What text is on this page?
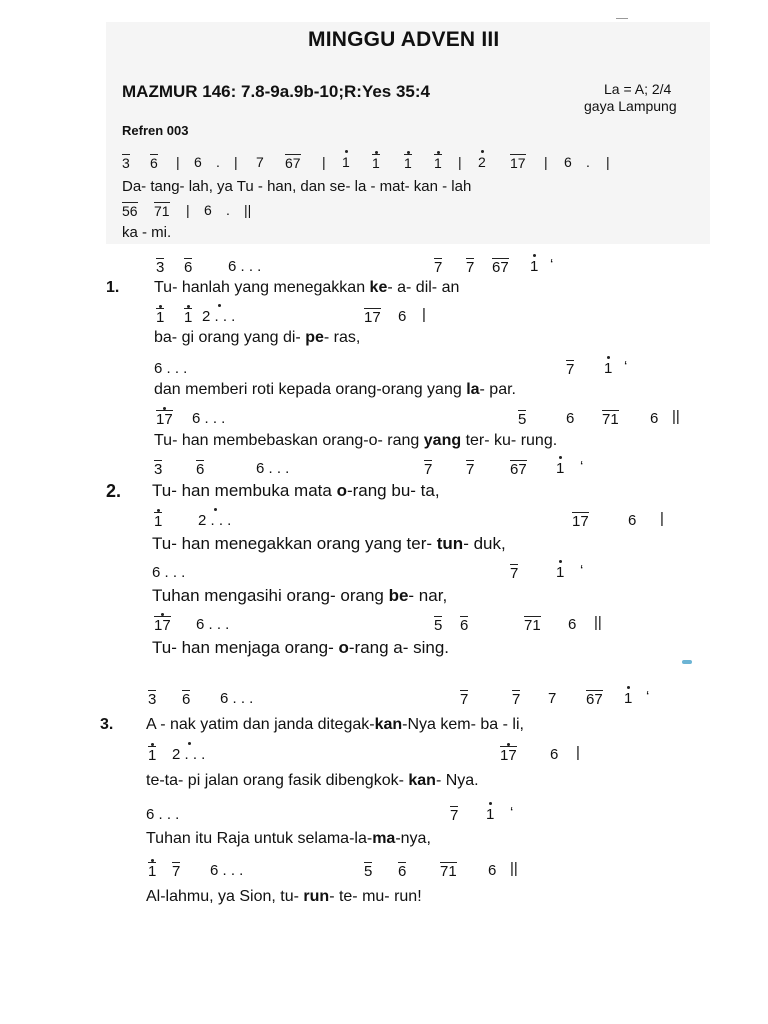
MINGGU ADVEN III
MAZMUR 146: 7.8-9a.9b-10;R:Yes 35:4	La = A; 2/4
gaya Lampung
Refren 003
3 6 | 6 . | 7 67 | 1 1 1 1 | 2 17 | 6 . |
Da- tang- lah, ya Tu - han, dan se- la - mat- kan - lah
56 71 | 6 . ||
ka - mi.
1.
3 6 6 . . .	7 7 67 1 ‘
Tu- hanlah yang menegakkan ke- a- dil- an
1 1 2 . . .	17 6 |
ba- gi orang yang di- pe- ras,
6 . . .	7 1 ‘
dan memberi roti kepada orang-orang yang la- par.
17 6 . . .	5	6 71 6 ||
Tu- han membebaskan orang-o- rang yang ter- ku- rung.
2.
3 6	6 . . .	7 7 67 1 ‘
Tu- han membuka mata o-rang bu- ta,
1 2 . . .	17	6 |
Tu- han menegakkan orang yang ter- tun- duk,
6 . . .	7	1 ‘
Tuhan mengasihi orang- orang be- nar,
17 6 . . .	5 6	71 6 ||
Tu- han menjaga orang- o-rang a- sing.
3.
3 6 6 . . .	7	7 7 67 1 ‘
A - nak yatim dan janda ditegak-kan-Nya kem- ba - li,
1 2 . . .	17 6 |
te-ta- pi jalan orang fasik dibengkok- kan- Nya.
6 . . .	7 1 ‘
Tuhan itu Raja untuk selama-la-ma-nya,
1 7 6 . . .	5 6 71 6 ||
Al-lahmu, ya Sion, tu- run- te- mu- run!
